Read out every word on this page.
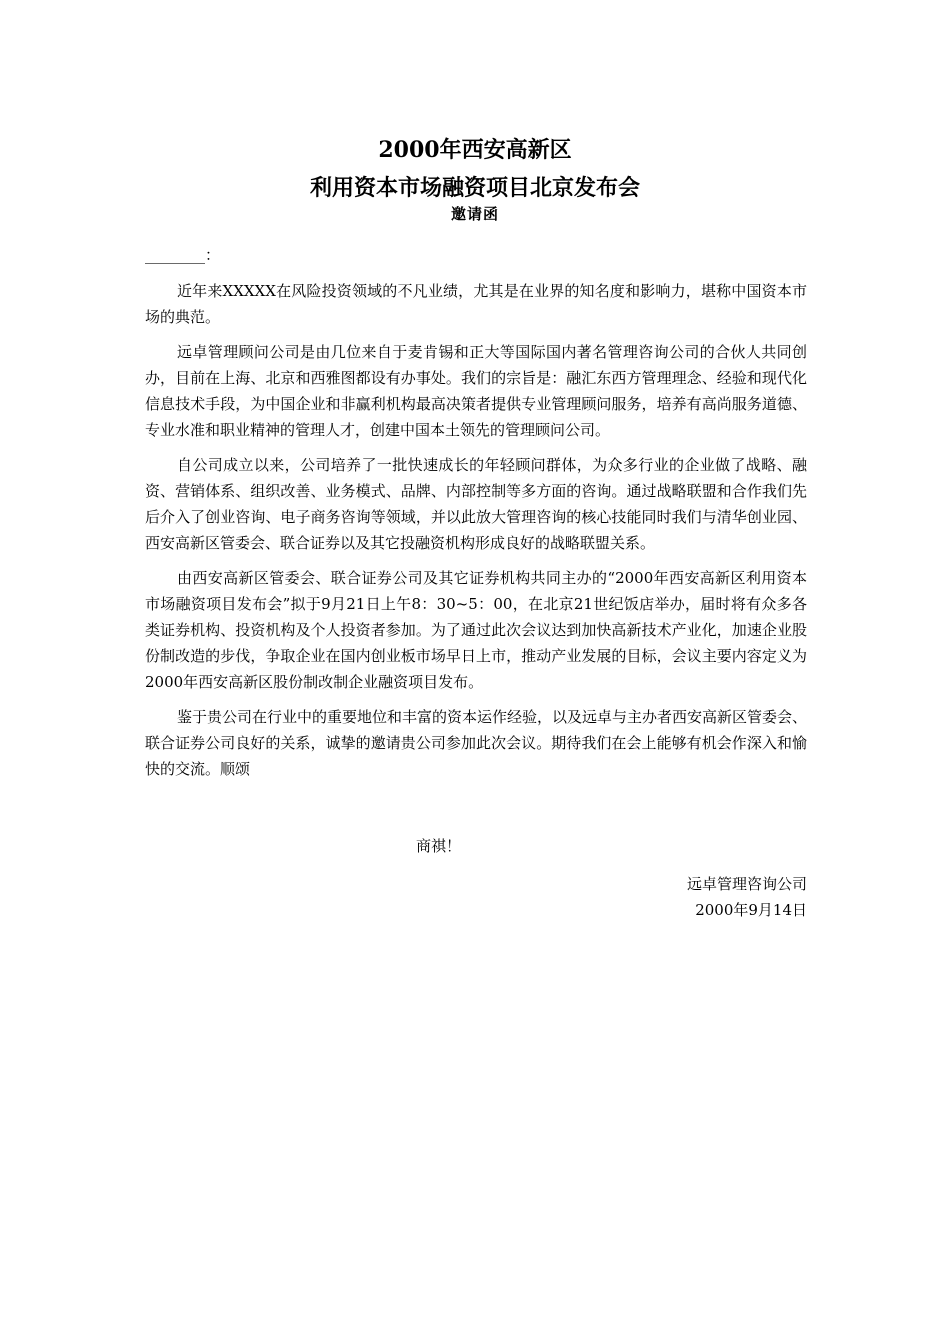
2000年西安高新区
利用资本市场融资项目北京发布会
邀请函
________：

近年来XXXXX在风险投资领域的不凡业绩，尤其是在业界的知名度和影响力，堪称中国资本市场的典范。

远卓管理顾问公司是由几位来自于麦肯锡和正大等国际国内著名管理咨询公司的合伙人共同创办，目前在上海、北京和西雅图都设有办事处。我们的宗旨是：融汇东西方管理理念、经验和现代化信息技术手段，为中国企业和非赢利机构最高决策者提供专业管理顾问服务，培养有高尚服务道德、专业水准和职业精神的管理人才，创建中国本土领先的管理顾问公司。

自公司成立以来，公司培养了一批快速成长的年轻顾问群体，为众多行业的企业做了战略、融资、营销体系、组织改善、业务模式、品牌、内部控制等多方面的咨询。通过战略联盟和合作我们先后介入了创业咨询、电子商务咨询等领域，并以此放大管理咨询的核心技能同时我们与清华创业园、西安高新区管委会、联合证券以及其它投融资机构形成良好的战略联盟关系。

由西安高新区管委会、联合证券公司及其它证券机构共同主办的“2000年西安高新区利用资本市场融资项目发布会”拟于9月21日上午8：30~5：00，在北京21世纪饭店举办，届时将有众多各类证券机构、投资机构及个人投资者参加。为了通过此次会议达到加快高新技术产业化，加速企业股份制改造的步伐，争取企业在国内创业板市场早日上市，推动产业发展的目标，会议主要内容定义为2000年西安高新区股份制改制企业融资项目发布。

鉴于贵公司在行业中的重要地位和丰富的资本运作经验，以及远卓与主办者西安高新区管委会、联合证券公司良好的关系，诚挚的邀请贵公司参加此次会议。期待我们在会上能够有机会作深入和愉快的交流。顺颂

商祺！
远卓管理咨询公司
2000年9月14日
